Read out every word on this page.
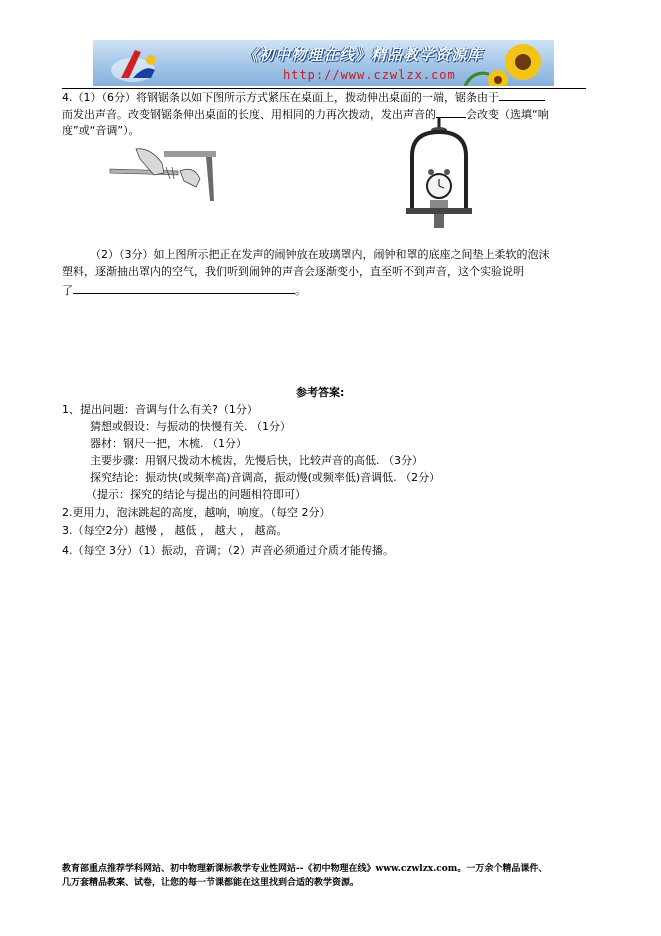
《初中物理在线》精品教学资源库
http://www.czwlzx.com
4.（1）（6分）将钢锯条以如下图所示方式紧压在桌面上，拨动伸出桌面的一端，锯条由于
而发出声音。改变钢锯条伸出桌面的长度、用相同的力再次拨动，发出声音的	会改变（选填“响
度”或“音调”）。
（2）（3分）如上图所示把正在发声的闹钟放在玻璃罩内，闹钟和罩的底座之间垫上柔软的泡沫
塑料，逐渐抽出罩内的空气，我们听到闹钟的声音会逐渐变小，直至听不到声音，这个实验说明
了	。
参考答案:
1、提出问题：音调与什么有关?（1分）
猜想或假设：与振动的快慢有关. （1分）
器材：钢尺一把，木梳. （1分）
主要步骤：用钢尺拨动木梳齿，先慢后快，比较声音的高低. （3分）
探究结论：振动快(或频率高)音调高，振动慢(或频率低)音调低. （2分）
（提示：探究的结论与提出的问题相符即可）
2.更用力，泡沫跳起的高度，越响，响度。（每空 2分）
3.（每空2分）越慢 ， 越低 ， 越大 ， 越高。
4.（每空 3分）（1）振动，音调；（2）声音必须通过介质才能传播。
教育部重点推荐学科网站、初中物理新课标教学专业性网站--《初中物理在线》www.czwlzx.com。一万余个精品课件、
几万套精品教案、试卷，让您的每一节课都能在这里找到合适的教学资源。
